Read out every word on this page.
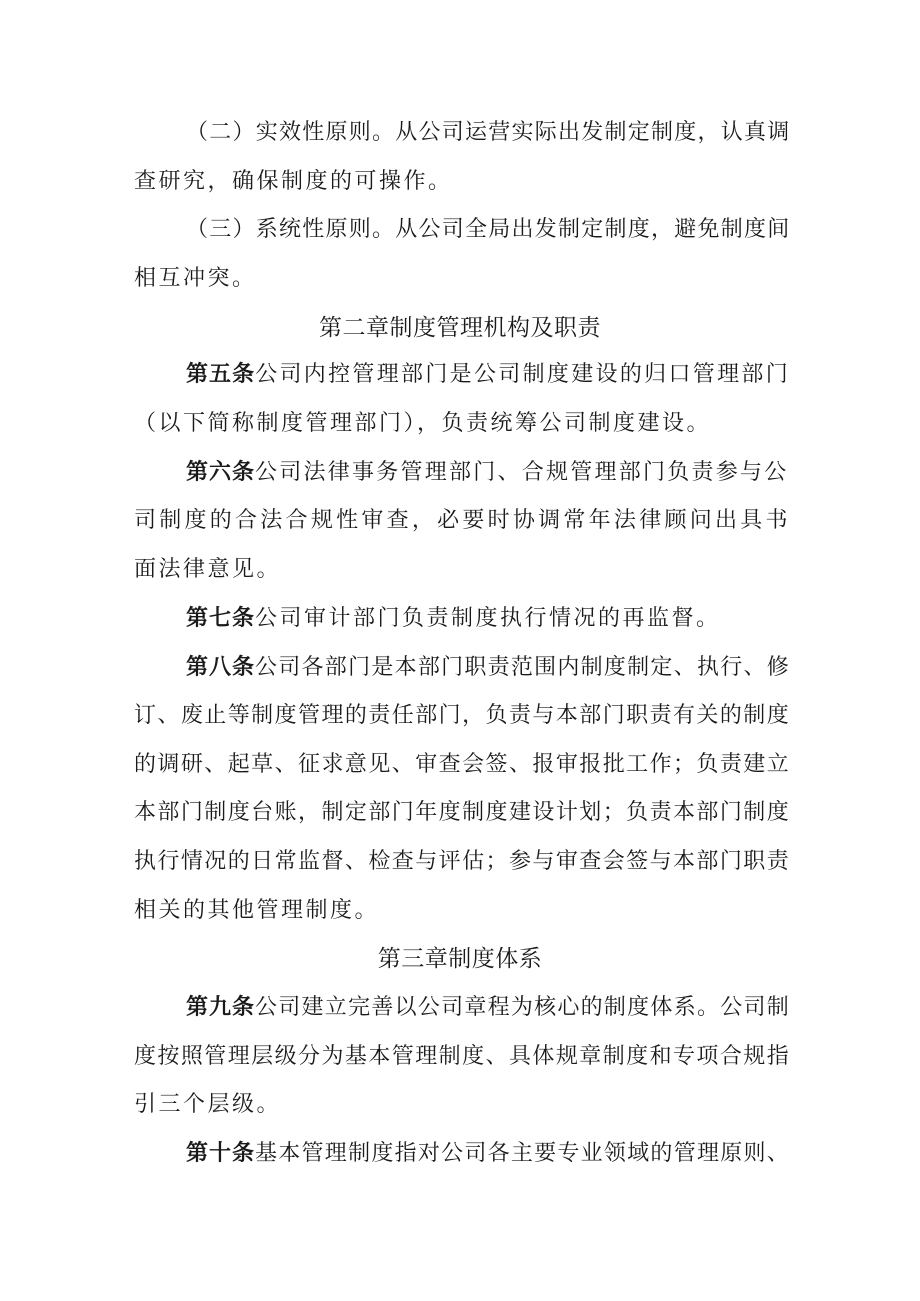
（二）实效性原则。从公司运营实际出发制定制度，认真调
查研究，确保制度的可操作。
（三）系统性原则。从公司全局出发制定制度，避免制度间
相互冲突。
第二章制度管理机构及职责
第五条公司内控管理部门是公司制度建设的归口管理部门
（以下简称制度管理部门），负责统筹公司制度建设。
第六条公司法律事务管理部门、合规管理部门负责参与公
司制度的合法合规性审查，必要时协调常年法律顾问出具书
面法律意见。
第七条公司审计部门负责制度执行情况的再监督。
第八条公司各部门是本部门职责范围内制度制定、执行、修
订、废止等制度管理的责任部门，负责与本部门职责有关的制度
的调研、起草、征求意见、审查会签、报审报批工作；负责建立
本部门制度台账，制定部门年度制度建设计划；负责本部门制度
执行情况的日常监督、检查与评估；参与审查会签与本部门职责
相关的其他管理制度。
第三章制度体系
第九条公司建立完善以公司章程为核心的制度体系。公司制
度按照管理层级分为基本管理制度、具体规章制度和专项合规指
引三个层级。
第十条基本管理制度指对公司各主要专业领域的管理原则、
